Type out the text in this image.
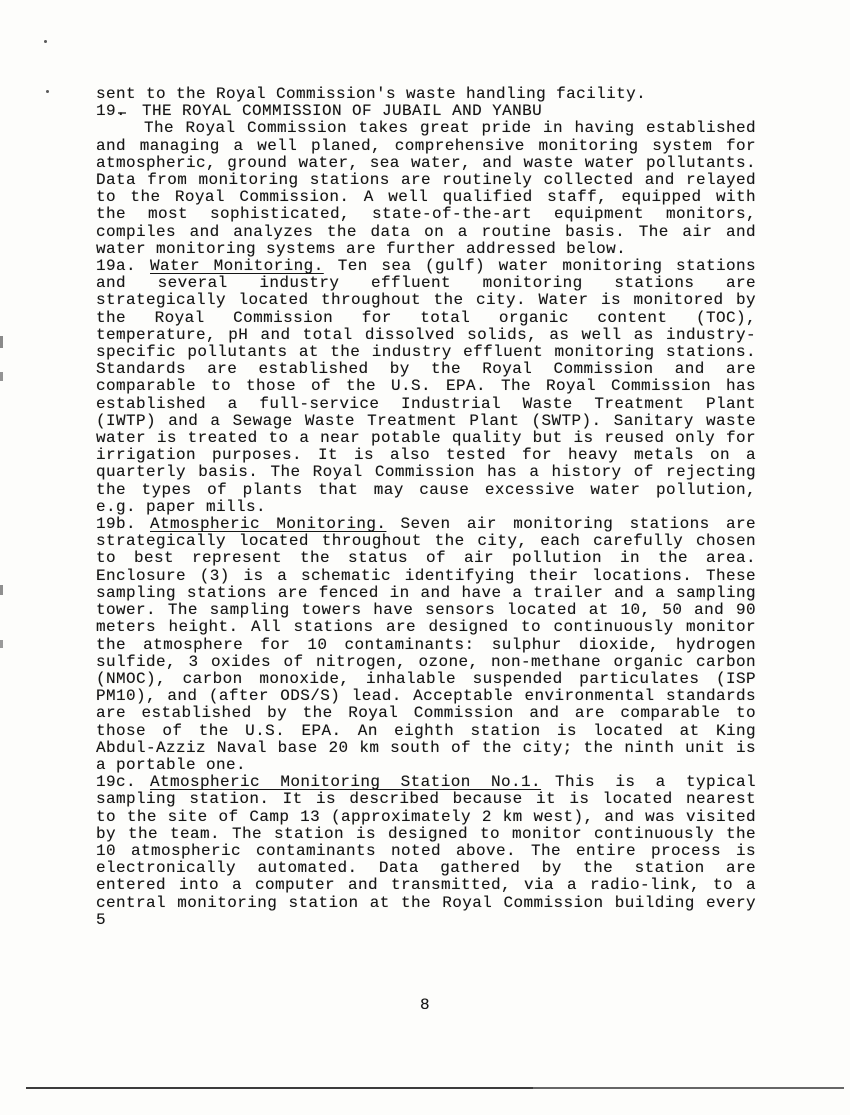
sent to the Royal Commission's waste handling facility.

19. THE ROYAL COMMISSION OF JUBAIL AND YANBU

The Royal Commission takes great pride in having established and managing a well planed, comprehensive monitoring system for atmospheric, ground water, sea water, and waste water pollutants. Data from monitoring stations are routinely collected and relayed to the Royal Commission. A well qualified staff, equipped with the most sophisticated, state-of-the-art equipment monitors, compiles and analyzes the data on a routine basis. The air and water monitoring systems are further addressed below.

19a. Water Monitoring. Ten sea (gulf) water monitoring stations and several industry effluent monitoring stations are strategically located throughout the city. Water is monitored by the Royal Commission for total organic content (TOC), temperature, pH and total dissolved solids, as well as industry-specific pollutants at the industry effluent monitoring stations. Standards are established by the Royal Commission and are comparable to those of the U.S. EPA. The Royal Commission has established a full-service Industrial Waste Treatment Plant (IWTP) and a Sewage Waste Treatment Plant (SWTP). Sanitary waste water is treated to a near potable quality but is reused only for irrigation purposes. It is also tested for heavy metals on a quarterly basis. The Royal Commission has a history of rejecting the types of plants that may cause excessive water pollution, e.g. paper mills.

19b. Atmospheric Monitoring. Seven air monitoring stations are strategically located throughout the city, each carefully chosen to best represent the status of air pollution in the area. Enclosure (3) is a schematic identifying their locations. These sampling stations are fenced in and have a trailer and a sampling tower. The sampling towers have sensors located at 10, 50 and 90 meters height. All stations are designed to continuously monitor the atmosphere for 10 contaminants: sulphur dioxide, hydrogen sulfide, 3 oxides of nitrogen, ozone, non-methane organic carbon (NMOC), carbon monoxide, inhalable suspended particulates (ISP PM10), and (after ODS/S) lead. Acceptable environmental standards are established by the Royal Commission and are comparable to those of the U.S. EPA. An eighth station is located at King Abdul-Azziz Naval base 20 km south of the city; the ninth unit is a portable one.

19c. Atmospheric Monitoring Station No.1. This is a typical sampling station. It is described because it is located nearest to the site of Camp 13 (approximately 2 km west), and was visited by the team. The station is designed to monitor continuously the 10 atmospheric contaminants noted above. The entire process is electronically automated. Data gathered by the station are entered into a computer and transmitted, via a radio-link, to a central monitoring station at the Royal Commission building every 5

8
